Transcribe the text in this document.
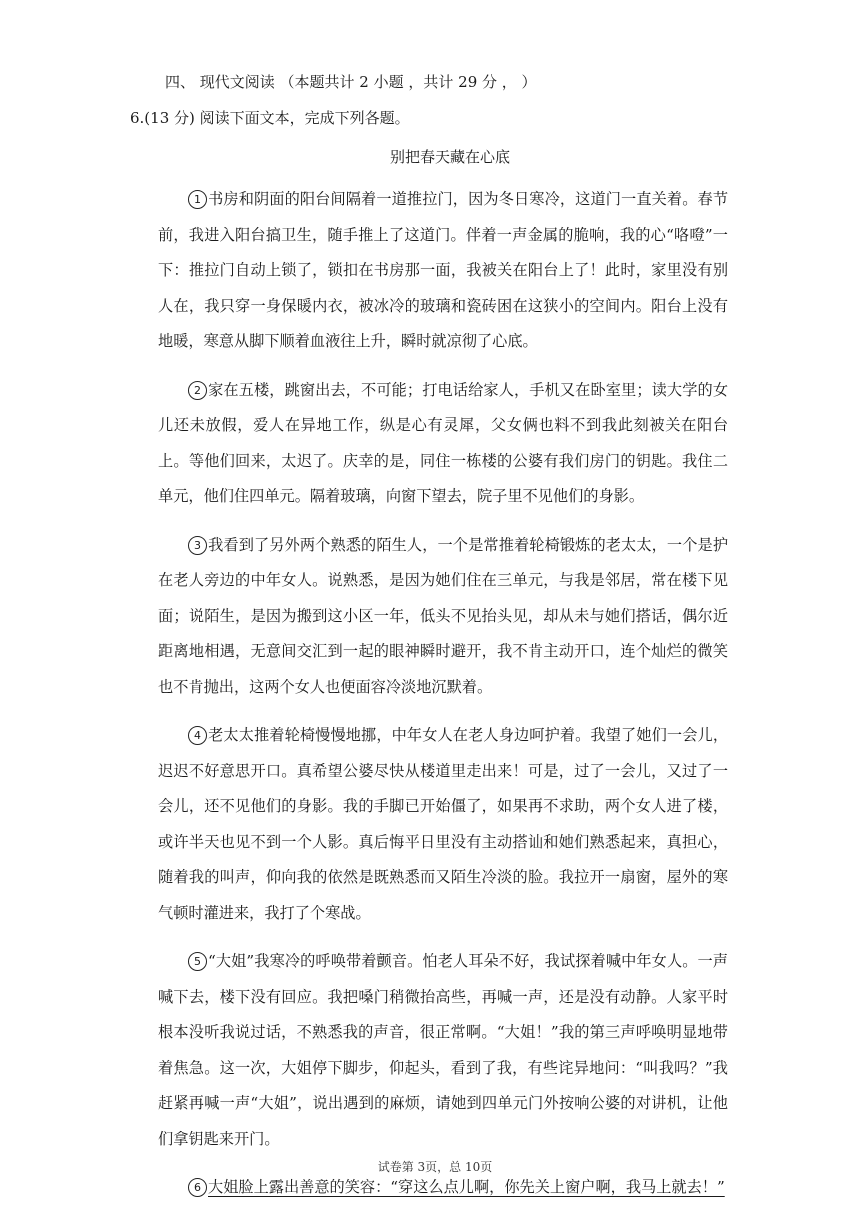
四、 现代文阅读 （本题共计 2 小题 ，共计 29 分 ， ）
6.(13 分) 阅读下面文本，完成下列各题。
别把春天藏在心底

1 书房和阴面的阳台间隔着一道推拉门，因为冬日寒冷，这道门一直关着。春节前，我进入阳台搞卫生，随手推上了这道门。伴着一声金属的脆响，我的心“咯噔”一下：推拉门自动上锁了，锁扣在书房那一面，我被关在阳台上了！此时，家里没有别人在，我只穿一身保暖内衣，被冰冷的玻璃和瓷砖困在这狭小的空间内。阳台上没有地暖，寒意从脚下顺着血液往上升，瞬时就凉彻了心底。

2 家在五楼，跳窗出去，不可能；打电话给家人，手机又在卧室里；读大学的女儿还未放假，爱人在异地工作，纵是心有灵犀，父女俩也料不到我此刻被关在阳台上。等他们回来，太迟了。庆幸的是，同住一栋楼的公婆有我们房门的钥匙。我住二单元，他们住四单元。隔着玻璃，向窗下望去，院子里不见他们的身影。

3 我看到了另外两个熟悉的陌生人，一个是常推着轮椅锻炼的老太太，一个是护在老人旁边的中年女人。说熟悉，是因为她们住在三单元，与我是邻居，常在楼下见面；说陌生，是因为搬到这小区一年，低头不见抬头见，却从未与她们搭话，偶尔近距离地相遇，无意间交汇到一起的眼神瞬时避开，我不肯主动开口，连个灿烂的微笑也不肯抛出，这两个女人也便面容冷淡地沉默着。

4 老太太推着轮椅慢慢地挪，中年女人在老人身边呵护着。我望了她们一会儿，迟迟不好意思开口。真希望公婆尽快从楼道里走出来！可是，过了一会儿，又过了一会儿，还不见他们的身影。我的手脚已开始僵了，如果再不求助，两个女人进了楼，或许半天也见不到一个人影。真后悔平日里没有主动搭讪和她们熟悉起来，真担心，随着我的叫声，仰向我的依然是既熟悉而又陌生冷淡的脸。我拉开一扇窗，屋外的寒气顿时灌进来，我打了个寒战。

5 “大姐”我寒冷的呼唤带着颤音。怕老人耳朵不好，我试探着喊中年女人。一声喊下去，楼下没有回应。我把嗓门稍微抬高些，再喊一声，还是没有动静。人家平时根本没听我说过话，不熟悉我的声音，很正常啊。“大姐！”我的第三声呼唤明显地带着焦急。这一次，大姐停下脚步，仰起头，看到了我，有些诧异地问：“叫我吗？”我赶紧再喊一声“大姐”，说出遇到的麻烦，请她到四单元门外按响公婆的对讲机，让他们拿钥匙来开门。

6 大姐脸上露出善意的笑容：“穿这么点儿啊，你先关上窗户啊，我马上就去！”

试卷第 3页，总 10页
